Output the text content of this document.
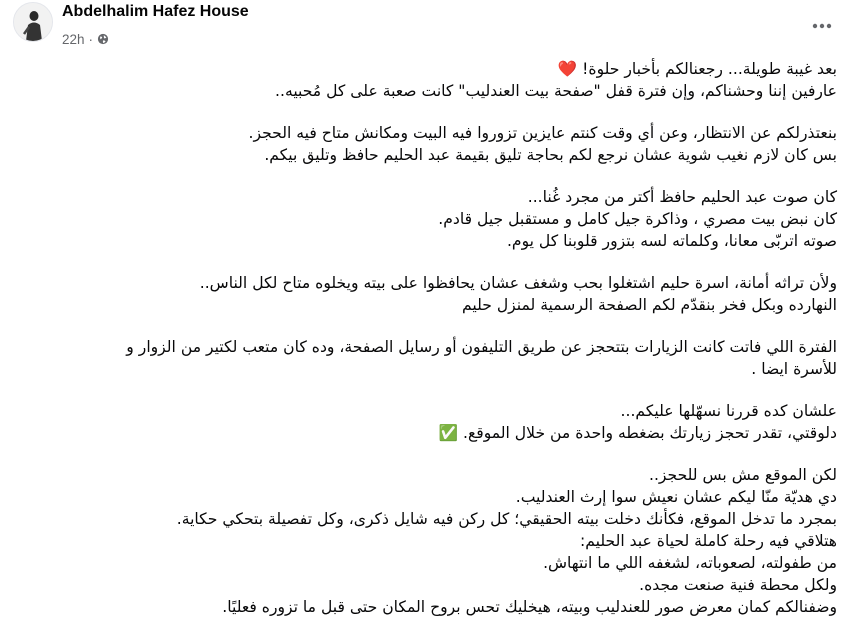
Abdelhalim Hafez House
22h ·
بعد غيبة طويلة... رجعنالكم بأخبار حلوة! ❤️
عارفين إننا وحشناكم، وإن فترة قفل "صفحة بيت العندليب" كانت صعبة على كل مُحبيه..
بنعتذرلكم عن الانتظار، وعن أي وقت كنتم عايزين تزوروا فيه البيت ومكانش متاح فيه الحجز.
بس كان لازم نغيب شوية عشان نرجع لكم بحاجة تليق بقيمة عبد الحليم حافظ وتليق بيكم.
كان صوت عبد الحليم حافظ أكتر من مجرد غُنا...
كان نبض بيت مصري ، وذاكرة جيل كامل و مستقبل جيل قادم.
صوته اتربّى معانا، وكلماته لسه بتزور قلوبنا كل يوم.
ولأن تراثه أمانة، اسرة حليم اشتغلوا بحب وشغف عشان يحافظوا على بيته ويخلوه متاح لكل الناس..
النهارده وبكل فخر بنقدّم لكم الصفحة الرسمية لمنزل حليم
الفترة اللي فاتت كانت الزيارات بتتحجز عن طريق التليفون أو رسايل الصفحة، وده كان متعب لكتير من الزوار و
للأسرة ايضا .
علشان كده قررنا نسهّلها عليكم...
دلوقتي، تقدر تحجز زيارتك بضغطه واحدة من خلال الموقع. ✅
لكن الموقع مش بس للحجز..
دي هديّة منّا ليكم عشان نعيش سوا إرث العندليب.
بمجرد ما تدخل الموقع، فكأنك دخلت بيته الحقيقي؛ كل ركن فيه شايل ذكرى، وكل تفصيلة بتحكي حكاية.
هتلاقي فيه رحلة كاملة لحياة عبد الحليم:
من طفولته، لصعوباته، لشغفه اللي ما انتهاش.
ولكل محطة فنية صنعت مجده.
وضفنالكم كمان معرض صور للعندليب وبيته، هيخليك تحس بروح المكان حتى قبل ما تزوره فعليًا.
